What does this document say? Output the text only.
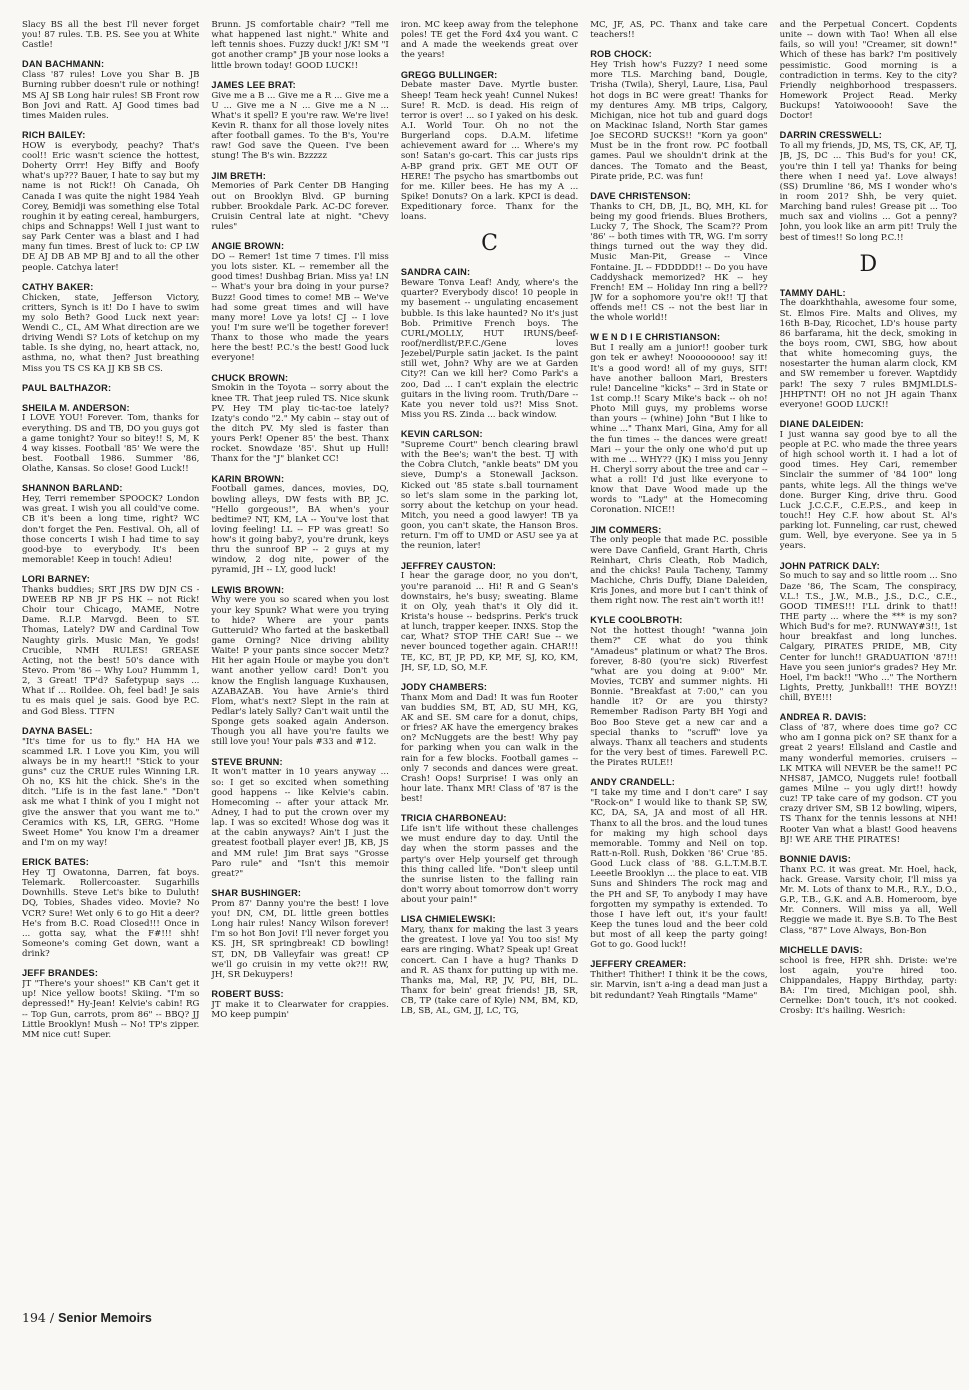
Slacy BS all the best I'll never forget you! 87 rules. T.B. P.S. See you at White Castle!
DAN BACHMANN:
Class '87 rules! Love you Shar B. JB Burning rubber doesn't rule or nothing! MS AJ SB Long hair rules! SB Front row Bon Jovi and Ratt. AJ Good times bad times Maiden rules.
RICH BAILEY:
HOW is everybody, peachy? That's cool!! Eric wasn't science the hottest, Doherty Orrr! Hey Biffy and Boofy what's up??? Bauer, I hate to say but my name is not Rick!! Oh Canada, Oh Canada I was quite the night 1984 Yeah Corey, Bemidji was something else Total roughin it by eating cereal, hamburgers, chips and Schnapps! Well I just want to say Park Center was a blast and I had many fun times. Brest of luck to: CP LW DE AJ DB AB MP BJ and to all the other people. Catchya later!
CATHY BAKER:
Chicken, state, Jefferson Victory, critters, Synch is it! Do I have to swim my solo Beth? Good Luck next year: Wendi C., CL, AM What direction are we driving Wendi S? Lots of ketchup on my table. Is she dying, no, heart attack, no, asthma, no, what then? Just breathing Miss you TS CS KA JJ KB SB CS.
PAUL BALTHAZOR:
SHEILA M. ANDERSON:
I LOVE YOU! Forever. Tom, thanks for everything. DS and TB, DO you guys got a game tonight? Your so bitey!! S, M, K 4 way kisses. Football '85' We were the best. Football 1986. Summer '86, Olathe, Kansas. So close! Good Luck!!
SHANNON BARLAND:
Hey, Terri remember SPOOCK? London was great. I wish you all could've come. CB it's been a long time, right? WC don't forget the Pen. Festival. Oh, all of those concerts I wish I had time to say good-bye to everybody. It's been memorable! Keep in touch! Adieu!
LORI BARNEY:
Thanks buddies; SRT JRS DW DJN CS -DWEEB RP NB JF PS HK -- not Rick! Choir tour Chicago, MAME, Notre Dame. R.I.P. Marvgd. Been to ST. Thomas, Lately? DW and Cardinal Tow Naughty girls. Music Man, Ye gods! Crucible, NMH RULES! GREASE Acting, not the best! 50's dance with Stevo. Prom '86 -- Why Lou? Hummm 1, 2, 3 Great! TP'd? Safetypup says ... What if ... Roildee. Oh, feel bad! Je sais tu es mais quel je sais. Good bye P.C. and God Bless. TTFN
DAYNA BASEL:
"It's time for us to fly." HA HA we scammed LR. I Love you Kim, you will always be in my heart!! "Stick to your guns" cuz the CRUE rules Winning LR. Oh no, KS hit the chick. She's in the ditch. "Life is in the fast lane." "Don't ask me what I think of you I might not give the answer that you want me to." Ceramics with KS, LR, GERG. "Home Sweet Home" You know I'm a dreamer and I'm on my way!
ERICK BATES:
Hey TJ Owatonna, Darren, fat boys. Telemark. Rollercoaster. Sugarhills Downhills. Steve Let's bike to Duluth! DQ, Tobies, Shades video. Movie? No VCR? Sure! Wet only 6 to go Hit a deer? He's from B.C. Road Closed!!! Once in ... gotta say, what the F#!!! shh! Someone's coming Get down, want a drink?
JEFF BRANDES:
JT "There's your shoes!" KB Can't get it up! Nice yellow boots! Skiing. "I'm so depressed!" Hy-Jean! Kelvie's cabin! RG -- Top Gun, carrots, prom 86" -- BBQ? JJ Little Brooklyn! Mush -- No! TP's zipper. MM nice cut! Super.
Brunn. JS comfortable chair? "Tell me what happened last night." White and left tennis shoes. Fuzzy duck! J/K! SM "I got another cramp" JB your nose looks a little brown today! GOOD LUCK!!
JAMES LEE BRAT:
Give me a B ... Give me a R ... Give me a U ... Give me a N ... Give me a N ... What's it spell? E you're raw. We're live! Kevin R. thanx for all those lovely nites after football games. To the B's, You're raw! God save the Queen. I've been stung! The B's win. Bzzzzz
JIM BRETH:
Memories of Park Center DB Hanging out on Brooklyn Blvd. GP burning rubber. Brookdale Park. AC-DC forever. Cruisin Central late at night. "Chevy rules"
ANGIE BROWN:
DO -- Remer! 1st time 7 times. I'll miss you lots sister. KL -- remember all the good times! Dushbag Brian. Miss ya! LN -- What's your bra doing in your purse? Buzz! Good times to come! MB -- We've had some great times and will have many more! Love ya lots! CJ -- I love you! I'm sure we'll be together forever! Thanx to those who made the years here the best! P.C.'s the best! Good luck everyone!
CHUCK BROWN:
Smokin in the Toyota -- sorry about the knee TR. That jeep ruled TS. Nice skunk PV. Hey TM play tic-tac-toe lately? Izaty's condo "2." My cabin -- stay out of the ditch PV. My sled is faster than yours Perk! Opener 85' the best. Thanx rocket. Snowdaze '85'. Shut up Hull! Thanx for the "J" blanket CC!
KARIN BROWN:
Football games, dances, movies, DQ, bowling alleys, DW fests with BP, JC. "Hello gorgeous!", BA when's your bedtime? NT, KM, LA -- You've lost that loving feeling! LL -- FP was great! So how's it going baby?, you're drunk, keys thru the sunroof BP -- 2 guys at my window, 2 dog nite, power of the pyramid, JH -- LY, good luck!
LEWIS BROWN:
Why were you so scared when you lost your key Spunk? What were you trying to hide? Where are your pants Gutteruid? Who farted at the basketball game Orning? Nice driving ability Waite! P your pants since soccer Metz? Hit her again Houle or maybe you don't want another yellow card! Don't you know the English language Kuxhausen, AZABAZAB. You have Arnie's third Flom, what's next? Slept in the rain at Pedlar's lately Sally? Can't wait until the Sponge gets soaked again Anderson. Though you all have you're faults we still love you! Your pals #33 and #12.
STEVE BRUNN:
It won't matter in 10 years anyway ... so: I get so excited when something good happens -- like Kelvie's cabin. Homecoming -- after your attack Mr. Adney, I had to put the crown over my lap. I was so excited! Whose dog was it at the cabin anyways? Ain't I just the greatest football player ever! JB, KB, JS and MM rule! Jim Brat says "Grosse Paro rule" and "Isn't this memoir great?"
SHAR BUSHINGER:
Prom 87' Danny you're the best! I love you! DN, CM, DL little green bottles Long hair rules! Nancy Wilson forever! I'm so hot Bon Jovi! I'll never forget you KS. JH, SR springbreak! CD bowling! ST, DN, DB Valleyfair was great! CP we'll go cruisin in my vette ok?!! RW, JH, SR Dekuypers!
ROBERT BUSS:
JT make it to Clearwater for crappies. MO keep pumpin'
iron. MC keep away from the telephone poles! TE get the Ford 4x4 you want. C and A made the weekends great over the years!
GREGG BULLINGER:
Debate master Dave. Myrtle buster. Sheep! Team heck yeah! Cunnel Nukes! Sure! R. McD. is dead. His reign of terror is over! ... so I yaked on his desk. A.I. World Tour. Oh no not the Burgerland cops. D.A.M. lifetime achievement award for ... Where's my son! Satan's go-cart. This car justs rips A-BP grand prix. GET ME OUT OF HERE! The psycho has smartbombs out for me. Killer bees. He has my A ... Spike! Donuts? On a lark. KPCI is dead. Expeditionary force. Thanx for the loans.
C
SANDRA CAIN:
Beware Tonva Leaf! Andy, where's the quarter? Everybody disco! 10 people in my basement -- ungulating encasement bubble. Is this lake haunted? No it's just Bob. Primitive French boys. The CURL/MOLLY, HUT IRUNS/beef-roof/nerdlist/P.F.C./Gene loves Jezebel/Purple satin jacket. Is the paint still wet, John? Why are we at Garden City?! Can we kill her? Como Park's a zoo, Dad ... I can't explain the electric guitars in the living room. Truth/Dare -- Kate you never told us?! Miss Snot. Miss you RS. Zinda ... back window.
KEVIN CARLSON:
"Supreme Court" bench clearing brawl with the Bee's; wan't the best. TJ with the Cobra Clutch, "ankle beats" DM you sieve, Dump's a Stonewall Jackson. Kicked out '85 state s.ball tournament so let's slam some in the parking lot, sorry about the ketchup on your head. Mitch, you need a good lawyer! TB ya goon, you can't skate, the Hanson Bros. return. I'm off to UMD or ASU see ya at the reunion, later!
JEFFREY CAUSTON:
I hear the garage door, no you don't, you're paranoid ... Hi! R and G Sean's downstairs, he's busy; sweating. Blame it on Oly, yeah that's it Oly did it. Krista's house -- bedsprins. Perk's truck at lunch, trapper keeper. INXS. Stop the car, What? STOP THE CAR! Sue -- we never bounced together again. CHAR!!! TE, KC, BT, JP, PD, KP, MF, SJ, KO, KM, JH, SF, LD, SO, M.F.
JODY CHAMBERS:
Thanx Mom and Dad! It was fun Rooter van buddies SM, BT, AD, SU MH, KG, AK and SE. SM care for a donut, chips, or fries? AK have the emergency brakes on? McNuggets are the best! Why pay for parking when you can walk in the rain for a few blocks. Football games -- only 7 seconds and dances were great. Crash! Oops! Surprise! I was only an hour late. Thanx MR! Class of '87 is the best!
TRICIA CHARBONEAU:
Life isn't life without these challenges we must endure day to day. Until the day when the storm passes and the party's over Help yourself get through this thing called life. "Don't sleep until the sunrise listen to the falling rain don't worry about tomorrow don't worry about your pain!"
LISA CHMIELEWSKI:
Mary, thanx for making the last 3 years the greatest. I love ya! You too sis! My ears are ringing. What? Speak up! Great concert. Can I have a hug? Thanks D and R. AS thanx for putting up with me. Thanks ma, Mal, RP, JV, PU, BH, DL. Thanx for bein' great friends! JB, SR, CB, TP (take care of Kyle) NM, BM, KD, LB, SB, AL, GM, JJ, LC, TG,
MC, JF, AS, PC. Thanx and take care teachers!!
ROB CHOCK:
Hey Trish how's Fuzzy? I need some more TLS. Marching band, Dougle, Trisha (Twila), Sheryl, Laure, Lisa, Paul hot dogs in BC were great! Thanks for my dentures Amy. MB trips, Calgory, Michigan, nice hot tub and guard dogs on Mackinac Island, North Star games Joe SECORD SUCKS!! "Korn ya goon" Must be in the front row. PC football games. Paul we shouldn't drink at the dances. The Tomato and the Beast, Pirate pride, P.C. was fun!
DAVE CHRISTENSON:
Thanks to CH, DB, JL, BQ, MH, KL for being my good friends. Blues Brothers, Lucky 7, The Shock, The Scam?? Prom '86' -- both times with TR, WG. I'm sorry things turned out the way they did. Music Man-Pit, Grease -- Vince Fontaine. JL -- FDDDDD!! -- Do you have Caddyshack memorized? HK -- hey French! EM -- Holiday Inn ring a bell?? JW for a sophomore you're ok!! TJ that offends me!! CS -- not the best liar in the whole world!!
W E N D I E CHRISTIANSON:
But I really am a junior!! goober turk gon tek er awhey! Nooooooooo! say it! It's a good word! all of my guys, SIT! have another balloon Mari, Bresters rule! Danceline "kicks" -- 3rd in State or 1st comp.!! Scary Mike's back -- oh no! Photo Mill guys, my problems worse than yours -- (whine) John "But I like to whine ..." Thanx Mari, Gina, Amy for all the fun times -- the dances were great! Mari -- your the only one who'd put up with me ... WHY?? (JK) I miss you Jenny H. Cheryl sorry about the tree and car -- what a roll! I'd just like everyone to know that Dave Wood made up the words to "Lady" at the Homecoming Coronation. NICE!!
JIM COMMERS:
The only people that made P.C. possible were Dave Canfield, Grant Harth, Chris Reinhart, Chris Cleath, Rob Madich, and the chicks! Paula Tacheny, Tammy Machiche, Chris Duffy, Diane Daleiden, Kris Jones, and more but I can't think of them right now. The rest ain't worth it!!
KYLE COOLBROTH:
Not the hottest though! "wanna join them?" CE what do you think "Amadeus" platinum or what? The Bros. forever, 8-80 (you're sick) Riverfest "what are you doing at 9:00" Mr. Movies, TCBY and summer nights. Hi Bonnie. "Breakfast at 7:00," can you handle it? Or are you thirsty? Remember Radison Party BH Yogi and Boo Boo Steve get a new car and a special thanks to "scruff" love ya always. Thanx all teachers and students for the very best of times. Farewell P.C. the Pirates RULE!!
ANDY CRANDELL:
"I take my time and I don't care" I say "Rock-on" I would like to thank SP, SW, KC, DA, SA, JA and most of all HR. Thanx to all the bros. and the loud tunes for making my high school days memorable. Tommy and Neil on top. Ratt-n-Roll. Rush, Dokken '86' Crue '85. Good Luck class of '88. G.L.T.M.B.T. Leeetle Brooklyn ... the place to eat. VIB Suns and Shinders The rock mag and the PH and SF, To anybody I may have forgotten my sympathy is extended. To those I have left out, it's your fault! Keep the tunes loud and the beer cold but most of all keep the party going! Got to go. Good luck!!
JEFFERY CREAMER:
Thither! Thither! I think it be the cows, sir. Marvin, isn't a-ing a dead man just a bit redundant? Yeah Ringtails "Mame"
and the Perpetual Concert. Copdents unite -- down with Tao! When all else fails, so will you! "Creamer, sit down!" Which of these has bark? I'm positively pessimistic. Good morning is a contradiction in terms. Key to the city? Friendly neighborhood trespassers. Homework Project Read. Merky Buckups! Yatoiwooooh! Save the Doctor!
DARRIN CRESSWELL:
To all my friends, JD, MS, TS, CK, AF, TJ, JB, JS, DC ... This Bud's for you! CK, you're thin I tell ya! Thanks for being there when I need ya!. Love always! (SS) Drumline '86, MS I wonder who's in room 201? Shh, be very quiet. Marching band rules! Grease pit ... Too much sax and violins ... Got a penny? John, you look like an arm pit! Truly the best of times!! So long P.C.!!
D
TAMMY DAHL:
The doarkhthahla, awesome four some, St. Elmos Fire. Malts and Olives, my 16th B-Day, Ricochet, LD's house party 86 barfarama, hit the deck, smoking in the boys room, CWI, SBG, how about that white homecoming guys, the nosestarter the human alarm clock, KM and SW remember u forever. Waptdidy park! The sexy 7 rules BMJMLDLS-JHHPTNT! OH no not JH again Thanx everyone! GOOD LUCK!!
DIANE DALEIDEN:
I just wanna say good bye to all the people at P.C. who made the three years of high school worth it. I had a lot of good times. Hey Cari, remember Sinclair the summer of '84 100" long pants, white legs. All the things we've done. Burger King, drive thru. Good Luck J.C.C.F., C.E.P.S., and keep in touch!! Hey C.F. how about St. Al's parking lot. Funneling, car rust, chewed gum. Well, bye everyone. See ya in 5 years.
JOHN PATRICK DALY:
So much to say and so little room ... Sno Daze '86, The Scam, The conspiracy, V.L.! T.S., J.W., M.B., J.S., D.C., C.E., GOOD TIMES!!! I'LL drink to that!! THE party ... where the *** is my son? Which Bud's for me?. RUNWAY#3!!, 1st hour breakfast and long lunches. Calgary, PIRATES PRIDE, MB, City Center for lunch!! GRADUATION '87!!! Have you seen junior's grades? Hey Mr. Hoel, I'm back!! "Who ..." The Northern Lights, Pretty, Junkball!! THE BOYZ!! chill, BYE!!!
ANDREA R. DAVIS:
Class of '87, where does time go? CC who am I gonna pick on? SE thanx for a great 2 years! Ellsland and Castle and many wonderful memories. cruisers -- LK MTKA will NEVER be the same!! PC NHS87, JAMCO, Nuggets rule! football games Milne -- you ugly dirt!! howdy cuz! TP take care of my godson. CT you crazy driver SM, SB 12 bowling, wipers, TS Thanx for the tennis lessons at NH! Rooter Van what a blast! Good heavens BJ! WE ARE THE PIRATES!
BONNIE DAVIS:
Thanx P.C. it was great. Mr. Hoel, hack, hack. Grease. Varsity choir, I'll miss ya Mr. M. Lots of thanx to M.R., R.Y., D.O., G.P., T.B., G.K. and A.B. Homeroom, bye Mr. Conners. Will miss ya all, Well Reggie we made it. Bye S.B. To The Best Class, "87" Love Always, Bon-Bon
MICHELLE DAVIS:
school is free, HPR shh. Driste: we're lost again, you're hired too. Chippandales, Happy Birthday, party: BA: I'm tired, Michigan pool, shh. Cernelke: Don't touch, it's not cooked. Crosby: It's hailing. Wesrich:
194 / Senior Memoirs
